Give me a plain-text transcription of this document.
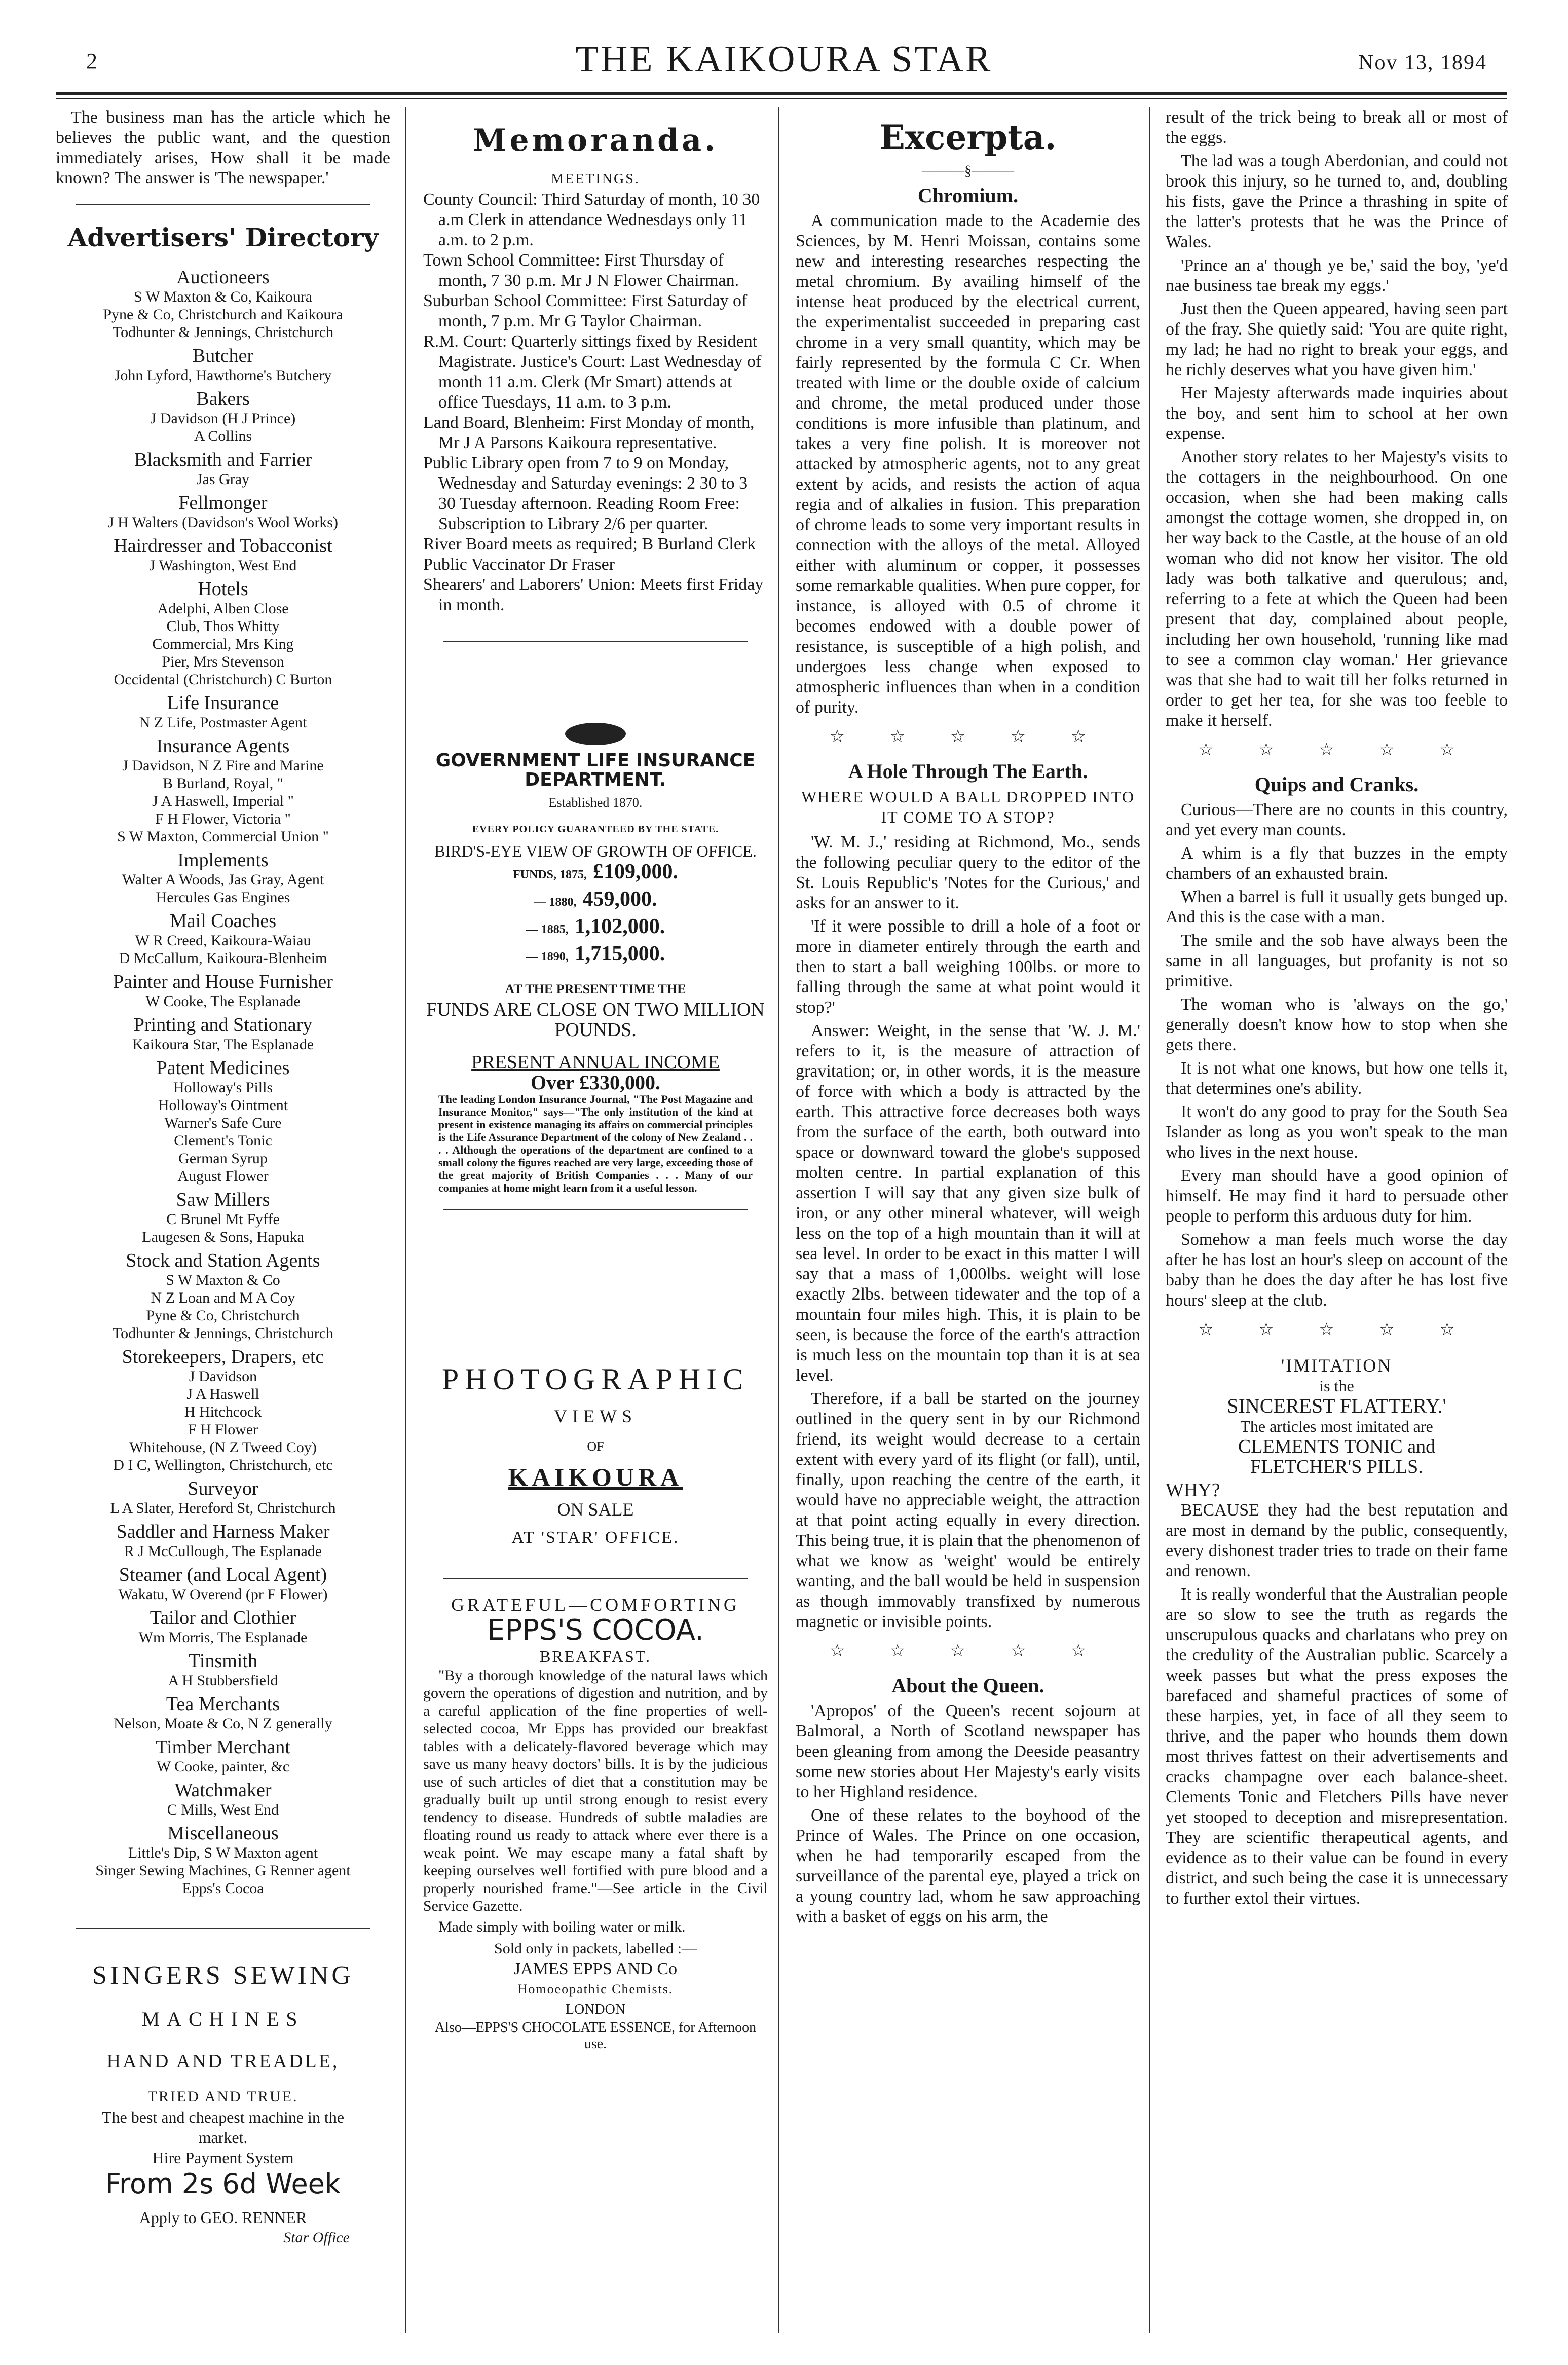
2	THE KAIKOURA STAR	Nov 13, 1894

The business man has the article which he believes the public want, and the question immediately arises, How shall it be made known? The answer is 'The newspaper.'

Advertisers' Directory
Auctioneers
S W Maxton & Co, Kaikoura
Pyne & Co, Christchurch and Kaikoura
Todhunter & Jennings, Christchurch
Butcher
John Lyford, Hawthorne's Butchery
Bakers
J Davidson (H J Prince)
A Collins
Blacksmith and Farrier
Jas Gray
Fellmonger
J H Walters (Davidson's Wool Works)
Hairdresser and Tobacconist
J Washington, West End
Hotels
Adelphi, Alben Close
Club, Thos Whitty
Commercial, Mrs King
Pier, Mrs Stevenson
Occidental (Christchurch) C Burton
Life Insurance
N Z Life, Postmaster Agent
Insurance Agents
J Davidson, N Z Fire and Marine
B Burland, Royal, "
J A Haswell, Imperial "
F H Flower, Victoria "
S W Maxton, Commercial Union "
Implements
Walter A Woods, Jas Gray, Agent
Hercules Gas Engines
Mail Coaches
W R Creed, Kaikoura-Waiau
D McCallum, Kaikoura-Blenheim
Painter and House Furnisher
W Cooke, The Esplanade
Printing and Stationary
Kaikoura Star, The Esplanade
Patent Medicines
Holloway's Pills
Holloway's Ointment
Warner's Safe Cure
Clement's Tonic
German Syrup
August Flower
Saw Millers
C Brunel Mt Fyffe
Laugesen & Sons, Hapuka
Stock and Station Agents
S W Maxton & Co
N Z Loan and M A Coy
Pyne & Co, Christchurch
Todhunter & Jennings, Christchurch
Storekeepers, Drapers, etc
J Davidson
J A Haswell
H Hitchcock
F H Flower
Whitehouse, (N Z Tweed Coy)
D I C, Wellington, Christchurch, etc
Surveyor
L A Slater, Hereford St, Christchurch
Saddler and Harness Maker
R J McCullough, The Esplanade
Steamer (and Local Agent)
Wakatu, W Overend (pr F Flower)
Tailor and Clothier
Wm Morris, The Esplanade
Tinsmith
A H Stubbersfield
Tea Merchants
Nelson, Moate & Co, N Z generally
Timber Merchant
W Cooke, painter, &c
Watchmaker
C Mills, West End
Miscellaneous
Little's Dip, S W Maxton agent
Singer Sewing Machines, G Renner agent
Epps's Cocoa
SINGERS SEWING
MACHINES
HAND AND TREADLE,
TRIED AND TRUE.
The best and cheapest machine in the market.
Hire Payment System
From 2s 6d Week
Apply to GEO. RENNER
Star Office
Memoranda.
MEETINGS.

County Council: Third Saturday of month, 10 30 a.m Clerk in attendance Wednesdays only 11 a.m. to 2 p.m.

Town School Committee: First Thursday of month, 7 30 p.m. Mr J N Flower Chairman.

Suburban School Committee: First Saturday of month, 7 p.m. Mr G Taylor Chairman.

R.M. Court: Quarterly sittings fixed by Resident Magistrate. Justice's Court: Last Wednesday of month 11 a.m. Clerk (Mr Smart) attends at office Tuesdays, 11 a.m. to 3 p.m.

Land Board, Blenheim: First Monday of month, Mr J A Parsons Kaikoura representative.

Public Library open from 7 to 9 on Monday, Wednesday and Saturday evenings: 2 30 to 3 30 Tuesday afternoon. Reading Room Free: Subscription to Library 2/6 per quarter.

River Board meets as required; B Burland Clerk

Public Vaccinator Dr Fraser

Shearers' and Laborers' Union: Meets first Friday in month.

GOVERNMENT LIFE INSURANCE DEPARTMENT.
Established 1870.
EVERY POLICY GUARANTEED BY THE STATE.
BIRD'S-EYE VIEW OF GROWTH OF OFFICE.
FUNDS, 1875, £109,000.
— 1880, 459,000.
— 1885, 1,102,000.
— 1890, 1,715,000.
AT THE PRESENT TIME THE
FUNDS ARE CLOSE ON TWO MILLION POUNDS.
PRESENT ANNUAL INCOME
Over £330,000.

The leading London Insurance Journal, "The Post Magazine and Insurance Monitor," says—"The only institution of the kind at present in existence managing its affairs on commercial principles is the Life Assurance Department of the colony of New Zealand . . . . Although the operations of the department are confined to a small colony the figures reached are very large, exceeding those of the great majority of British Companies . . . Many of our companies at home might learn from it a useful lesson.

PHOTOGRAPHIC
VIEWS
OF
KAIKOURA
ON SALE
AT 'STAR' OFFICE.
GRATEFUL—COMFORTING
EPPS'S COCOA.
BREAKFAST.

"By a thorough knowledge of the natural laws which govern the operations of digestion and nutrition, and by a careful application of the fine properties of well-selected cocoa, Mr Epps has provided our breakfast tables with a delicately-flavored beverage which may save us many heavy doctors' bills. It is by the judicious use of such articles of diet that a constitution may be gradually built up until strong enough to resist every tendency to disease. Hundreds of subtle maladies are floating round us ready to attack where ever there is a weak point. We may escape many a fatal shaft by keeping ourselves well fortified with pure blood and a properly nourished frame."—See article in the Civil Service Gazette.

Made simply with boiling water or milk.

Sold only in packets, labelled :—
JAMES EPPS AND Co
Homoeopathic Chemists.
LONDON
Also—EPPS'S CHOCOLATE ESSENCE, for Afternoon use.
Excerpta.
———§———
Chromium.

A communication made to the Academie des Sciences, by M. Henri Moissan, contains some new and interesting researches respecting the metal chromium. By availing himself of the intense heat produced by the electrical current, the experimentalist succeeded in preparing cast chrome in a very small quantity, which may be fairly represented by the formula C Cr. When treated with lime or the double oxide of calcium and chrome, the metal produced under those conditions is more infusible than platinum, and takes a very fine polish. It is moreover not attacked by atmospheric agents, not to any great extent by acids, and resists the action of aqua regia and of alkalies in fusion. This preparation of chrome leads to some very important results in connection with the alloys of the metal. Alloyed either with aluminum or copper, it possesses some remarkable qualities. When pure copper, for instance, is alloyed with 0.5 of chrome it becomes endowed with a double power of resistance, is susceptible of a high polish, and undergoes less change when exposed to atmospheric influences than when in a condition of purity.

☆ ☆ ☆ ☆ ☆
A Hole Through The Earth.
WHERE WOULD A BALL DROPPED INTO IT COME TO A STOP?

'W. M. J.,' residing at Richmond, Mo., sends the following peculiar query to the editor of the St. Louis Republic's 'Notes for the Curious,' and asks for an answer to it.

'If it were possible to drill a hole of a foot or more in diameter entirely through the earth and then to start a ball weighing 100lbs. or more to falling through the same at what point would it stop?'

Answer: Weight, in the sense that 'W. J. M.' refers to it, is the measure of attraction of gravitation; or, in other words, it is the measure of force with which a body is attracted by the earth. This attractive force decreases both ways from the surface of the earth, both outward into space or downward toward the globe's supposed molten centre. In partial explanation of this assertion I will say that any given size bulk of iron, or any other mineral whatever, will weigh less on the top of a high mountain than it will at sea level. In order to be exact in this matter I will say that a mass of 1,000lbs. weight will lose exactly 2lbs. between tidewater and the top of a mountain four miles high. This, it is plain to be seen, is because the force of the earth's attraction is much less on the mountain top than it is at sea level.

Therefore, if a ball be started on the journey outlined in the query sent in by our Richmond friend, its weight would decrease to a certain extent with every yard of its flight (or fall), until, finally, upon reaching the centre of the earth, it would have no appreciable weight, the attraction at that point acting equally in every direction. This being true, it is plain that the phenomenon of what we know as 'weight' would be entirely wanting, and the ball would be held in suspension as though immovably transfixed by numerous magnetic or invisible points.

☆ ☆ ☆ ☆ ☆
About the Queen.

'Apropos' of the Queen's recent sojourn at Balmoral, a North of Scotland newspaper has been gleaning from among the Deeside peasantry some new stories about Her Majesty's early visits to her Highland residence.

One of these relates to the boyhood of the Prince of Wales. The Prince on one occasion, when he had temporarily escaped from the surveillance of the parental eye, played a trick on a young country lad, whom he saw approaching with a basket of eggs on his arm, the

result of the trick being to break all or most of the eggs.

The lad was a tough Aberdonian, and could not brook this injury, so he turned to, and, doubling his fists, gave the Prince a thrashing in spite of the latter's protests that he was the Prince of Wales.

'Prince an a' though ye be,' said the boy, 'ye'd nae business tae break my eggs.'

Just then the Queen appeared, having seen part of the fray. She quietly said: 'You are quite right, my lad; he had no right to break your eggs, and he richly deserves what you have given him.'

Her Majesty afterwards made inquiries about the boy, and sent him to school at her own expense.

Another story relates to her Majesty's visits to the cottagers in the neighbourhood. On one occasion, when she had been making calls amongst the cottage women, she dropped in, on her way back to the Castle, at the house of an old woman who did not know her visitor. The old lady was both talkative and querulous; and, referring to a fete at which the Queen had been present that day, complained about people, including her own household, 'running like mad to see a common clay woman.' Her grievance was that she had to wait till her folks returned in order to get her tea, for she was too feeble to make it herself.

☆ ☆ ☆ ☆ ☆
Quips and Cranks.

Curious—There are no counts in this country, and yet every man counts.

A whim is a fly that buzzes in the empty chambers of an exhausted brain.

When a barrel is full it usually gets bunged up. And this is the case with a man.

The smile and the sob have always been the same in all languages, but profanity is not so primitive.

The woman who is 'always on the go,' generally doesn't know how to stop when she gets there.

It is not what one knows, but how one tells it, that determines one's ability.

It won't do any good to pray for the South Sea Islander as long as you won't speak to the man who lives in the next house.

Every man should have a good opinion of himself. He may find it hard to persuade other people to perform this arduous duty for him.

Somehow a man feels much worse the day after he has lost an hour's sleep on account of the baby than he does the day after he has lost five hours' sleep at the club.

☆ ☆ ☆ ☆ ☆
'IMITATION
is the
SINCEREST FLATTERY.'
The articles most imitated are
CLEMENTS TONIC and
FLETCHER'S PILLS.
WHY?

BECAUSE they had the best reputation and are most in demand by the public, consequently, every dishonest trader tries to trade on their fame and renown.

It is really wonderful that the Australian people are so slow to see the truth as regards the unscrupulous quacks and charlatans who prey on the credulity of the Australian public. Scarcely a week passes but what the press exposes the barefaced and shameful practices of some of these harpies, yet, in face of all they seem to thrive, and the paper who hounds them down most thrives fattest on their advertisements and cracks champagne over each balance-sheet. Clements Tonic and Fletchers Pills have never yet stooped to deception and misrepresentation. They are scientific therapeutical agents, and evidence as to their value can be found in every district, and such being the case it is unnecessary to further extol their virtues.
